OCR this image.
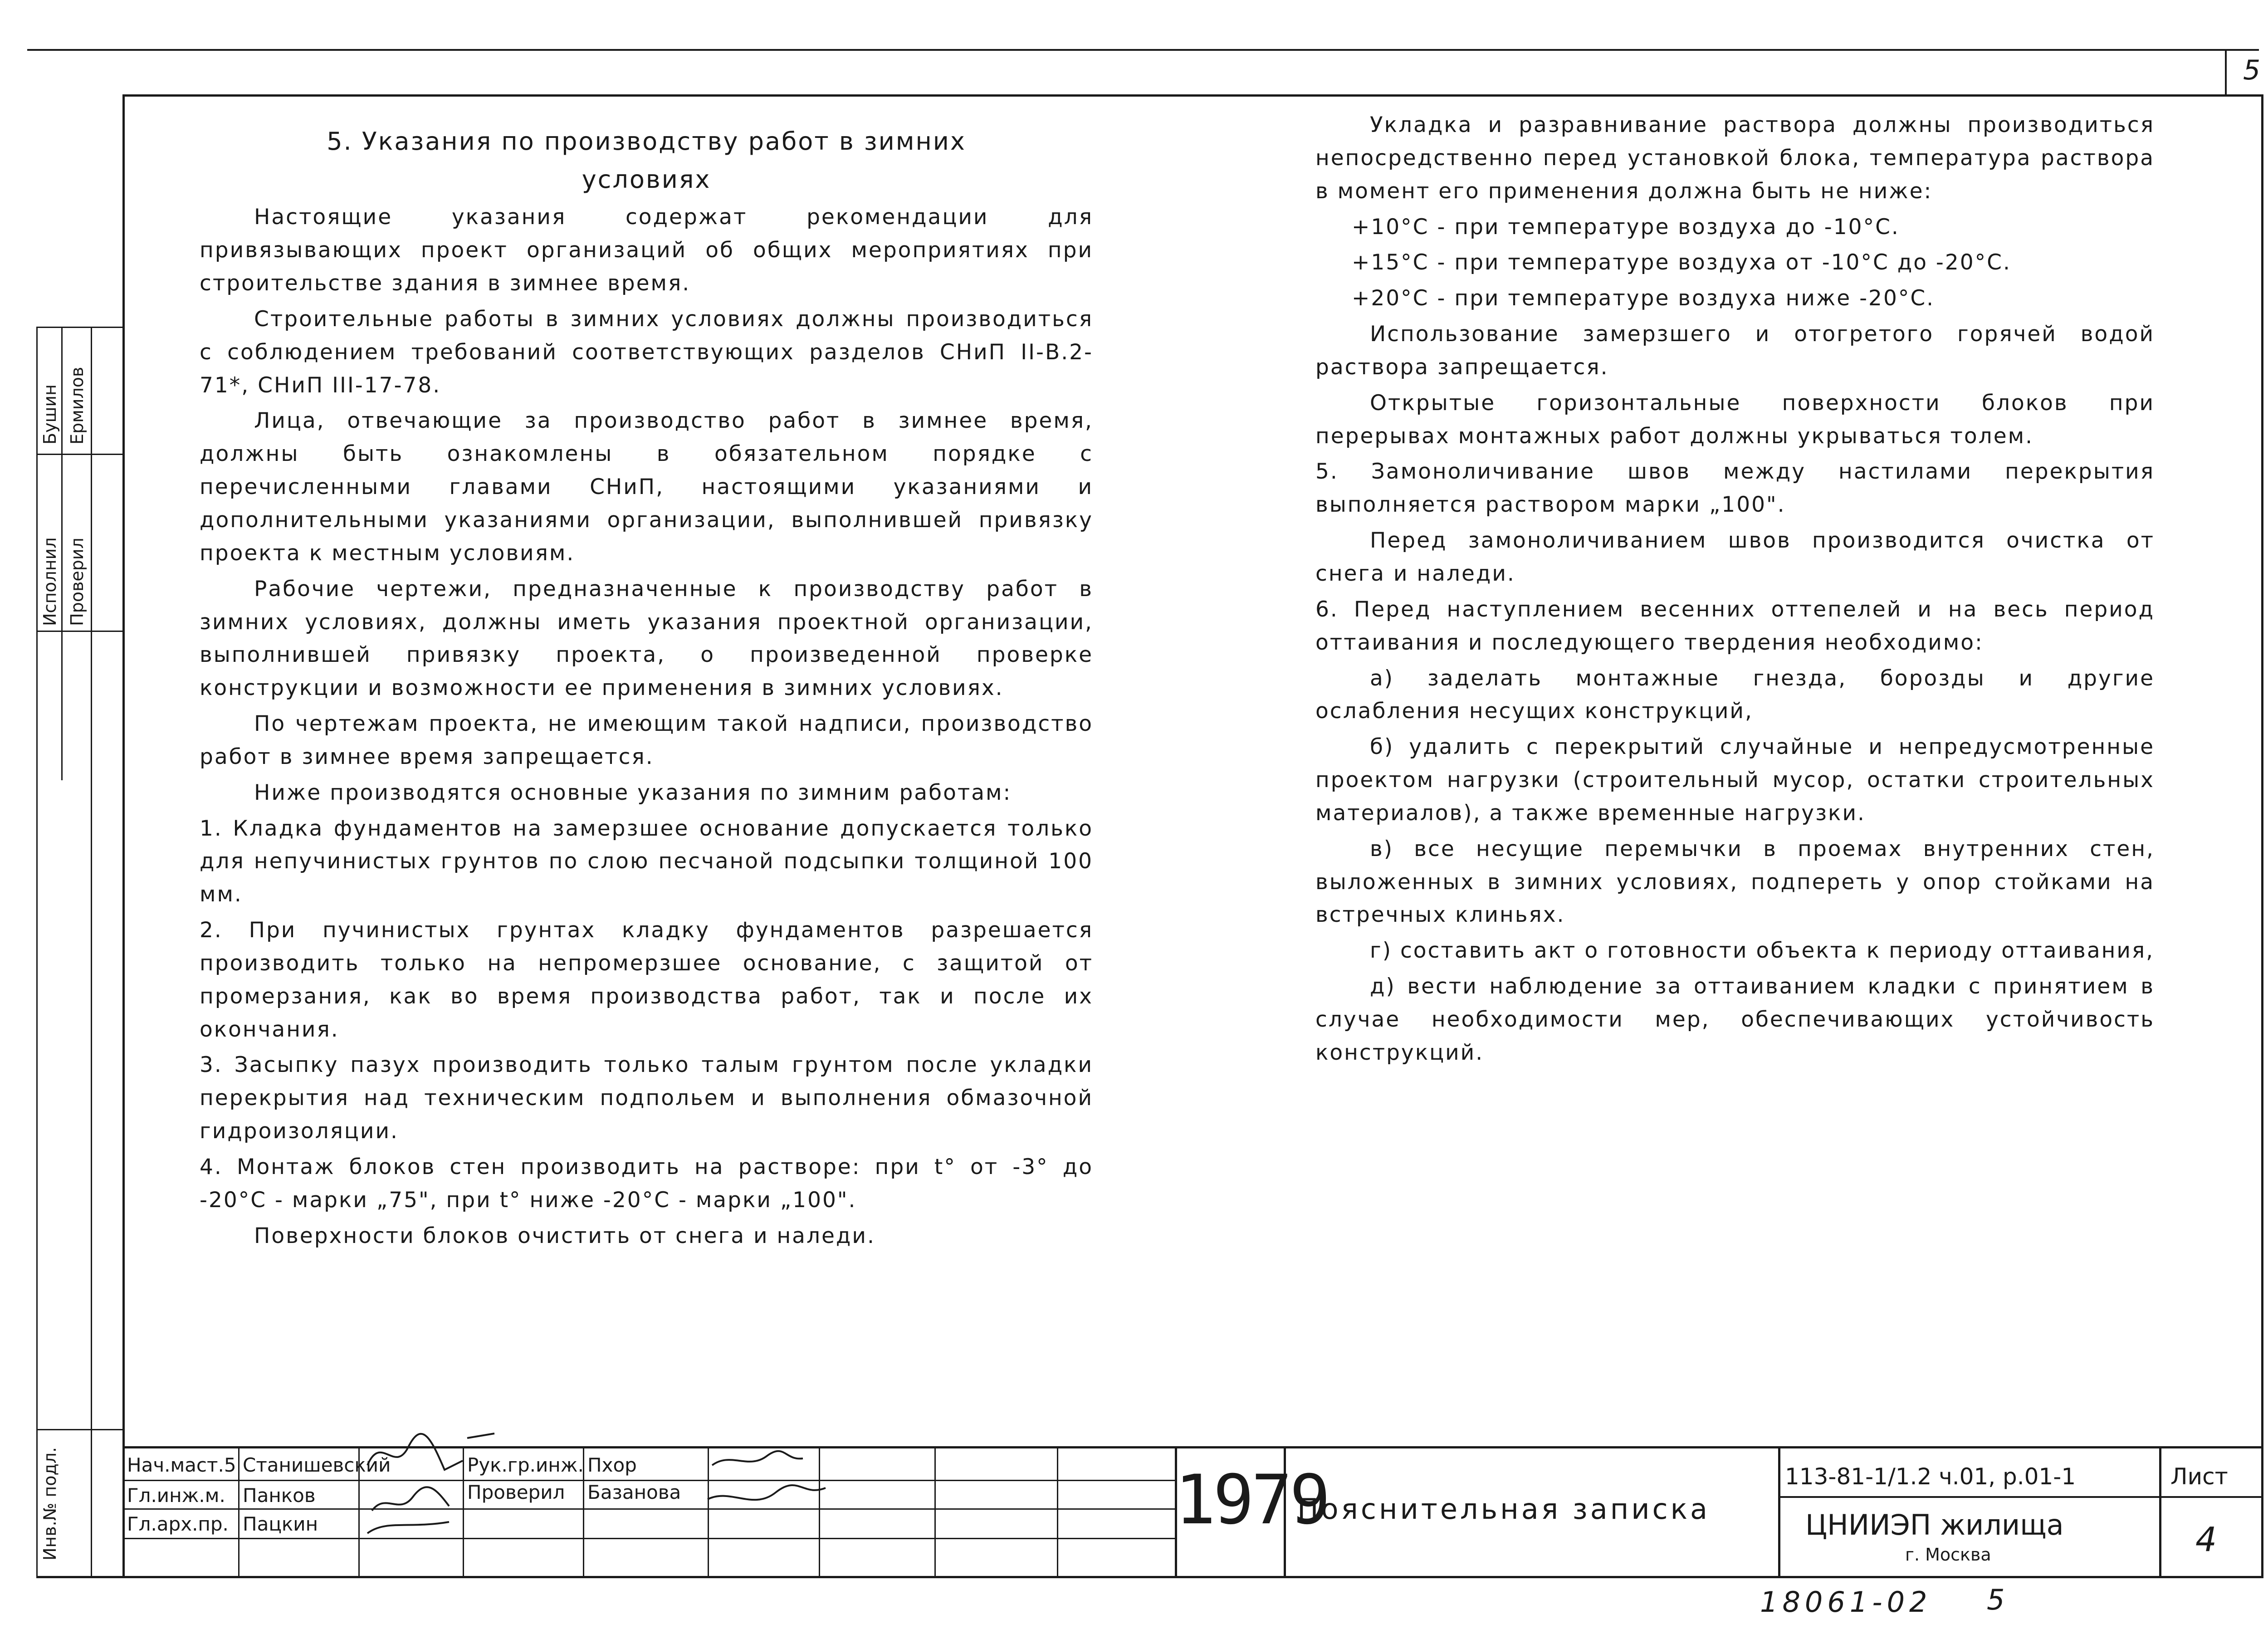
5
Исполнил Проверил
Бушин Ермилов
Инв.№ подл.
5. Указания по производству работ в зимних
условиях

Настоящие указания содержат рекомендации для привязывающих проект организаций об общих мероприятиях при строительстве здания в зимнее время.

Строительные работы в зимних условиях должны производиться с соблюдением требований соответствующих разделов СНиП II-В.2-71*, СНиП III-17-78.

Лица, отвечающие за производство работ в зимнее время, должны быть ознакомлены в обязательном порядке с перечисленными главами СНиП, настоящими указаниями и дополнительными указаниями организации, выполнившей привязку проекта к местным условиям.

Рабочие чертежи, предназначенные к производству работ в зимних условиях, должны иметь указания проектной организации, выполнившей привязку проекта, о произведенной проверке конструкции и возможности ее применения в зимних условиях.

По чертежам проекта, не имеющим такой надписи, производство работ в зимнее время запрещается.

Ниже производятся основные указания по зимним работам:

1. Кладка фундаментов на замерзшее основание допускается только для непучинистых грунтов по слою песчаной подсыпки толщиной 100 мм.

2. При пучинистых грунтах кладку фундаментов разрешается производить только на непромерзшее основание, с защитой от промерзания, как во время производства работ, так и после их окончания.

3. Засыпку пазух производить только талым грунтом после укладки перекрытия над техническим подпольем и выполнения обмазочной гидроизоляции.

4. Монтаж блоков стен производить на растворе: при t° от -3° до -20°С - марки „75", при t° ниже -20°С - марки „100".

Поверхности блоков очистить от снега и наледи.

Укладка и разравнивание раствора должны производиться непосредственно перед установкой блока, температура раствора в момент его применения должна быть не ниже:

+10°С - при температуре воздуха до -10°С.

+15°С - при температуре воздуха от -10°С до -20°С.

+20°С - при температуре воздуха ниже -20°С.

Использование замерзшего и отогретого горячей водой раствора запрещается.

Открытые горизонтальные поверхности блоков при перерывах монтажных работ должны укрываться толем.

5. Замоноличивание швов между настилами перекрытия выполняется раствором марки „100".

Перед замоноличиванием швов производится очистка от снега и наледи.

6. Перед наступлением весенних оттепелей и на весь период оттаивания и последующего твердения необходимо:

а) заделать монтажные гнезда, борозды и другие ослабления несущих конструкций,

б) удалить с перекрытий случайные и непредусмотренные проектом нагрузки (строительный мусор, остатки строительных материалов), а также временные нагрузки.

в) все несущие перемычки в проемах внутренних стен, выложенных в зимних условиях, подпереть у опор стойками на встречных клиньях.

г) составить акт о готовности объекта к периоду оттаивания,

д) вести наблюдение за оттаиванием кладки с принятием в случае необходимости мер, обеспечивающих устойчивость конструкций.

Нач.маст.5 Станишевский	Рук.гр.инж. Пхор
Гл.инж.м. Панков	Проверил Базанова
Гл.арх.пр. Пацкин	1979
Пояснительная записка
113-81-1/1.2 ч.01, р.01-1
ЦНИИЭП жилища
г. Москва
Лист
4
18061-02 5
